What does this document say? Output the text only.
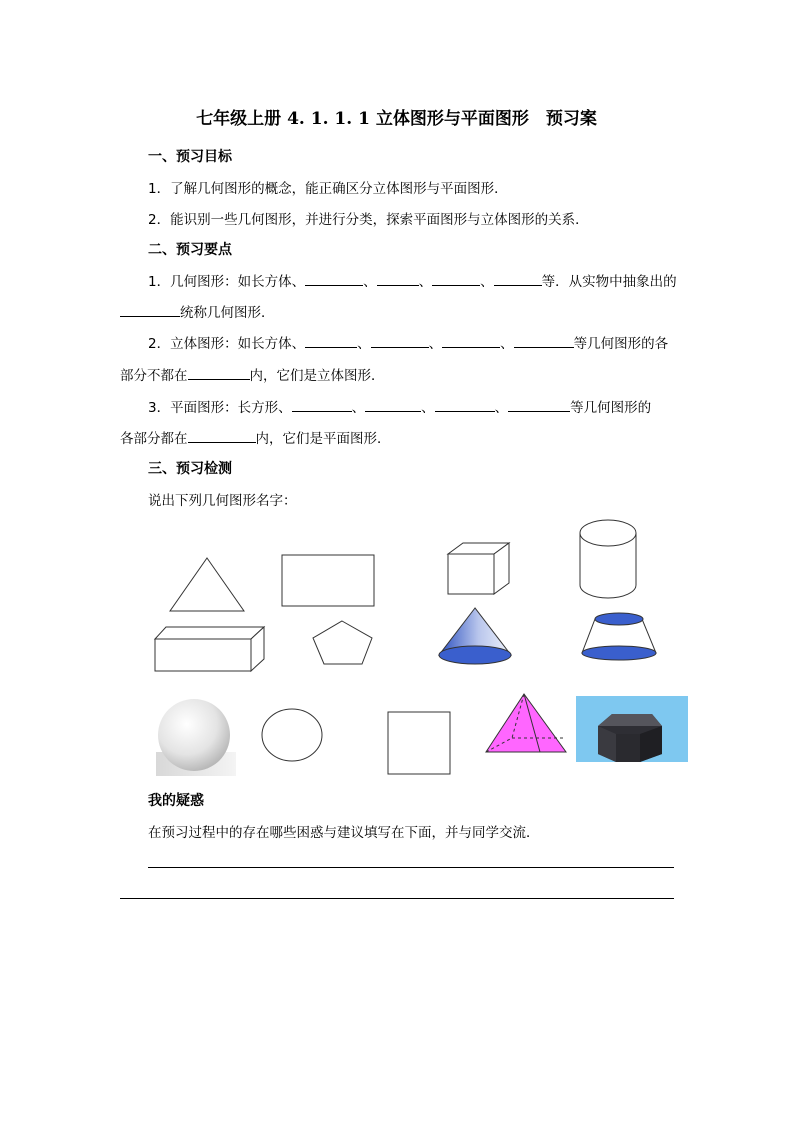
七年级上册 4. 1. 1. 1 立体图形与平面图形　预习案
一、预习目标
1．了解几何图形的概念，能正确区分立体图形与平面图形．
2．能识别一些几何图形，并进行分类，探索平面图形与立体图形的关系．
二、预习要点
1．几何图形：如长方体、	、	、	、	等．从实物中抽象出的
统称几何图形．
2．立体图形：如长方体、	、	、	、	等几何图形的各
部分不都在	内，它们是立体图形．
3．平面图形：长方形、	、	、	、	等几何图形的
各部分都在	内，它们是平面图形．
三、预习检测
说出下列几何图形名字：
我的疑惑
在预习过程中的存在哪些困惑与建议填写在下面，并与同学交流．
